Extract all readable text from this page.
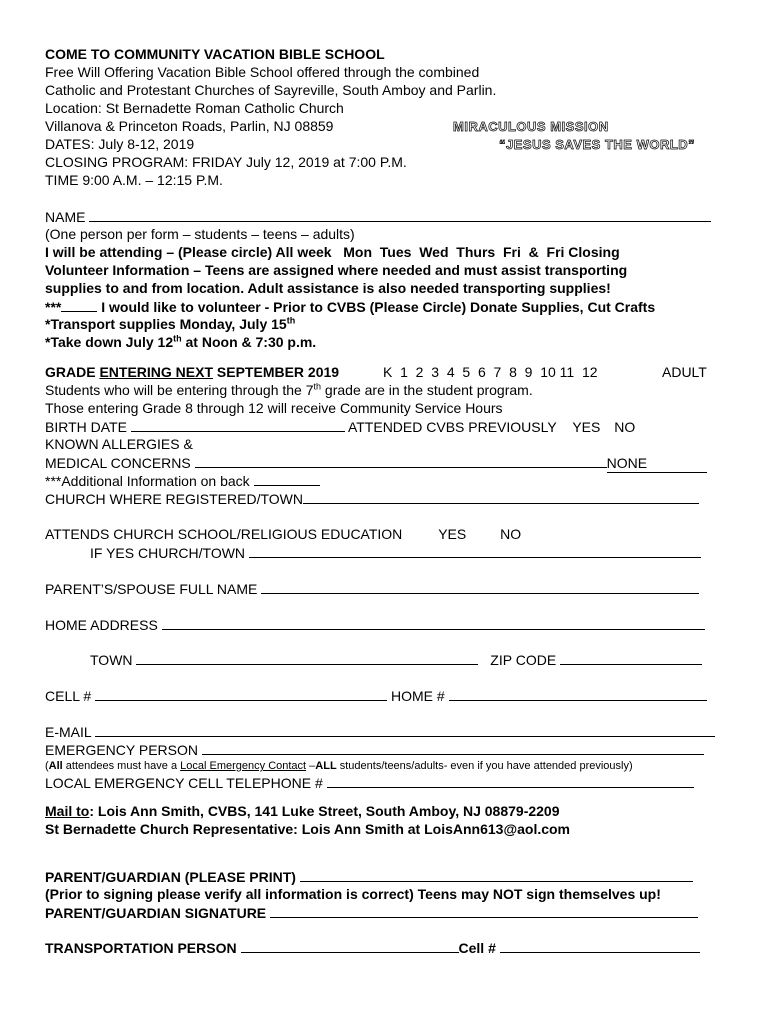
COME TO COMMUNITY VACATION BIBLE SCHOOL
Free Will Offering Vacation Bible School offered through the combined
Catholic and Protestant Churches of Sayreville, South Amboy and Parlin.
Location: St Bernadette Roman Catholic Church
Villanova & Princeton Roads, Parlin, NJ 08859	MIRACULOUS MISSION
DATES: July 8-12, 2019	“JESUS SAVES THE WORLD”
CLOSING PROGRAM: FRIDAY July 12, 2019 at 7:00 P.M.
TIME 9:00 A.M. – 12:15 P.M.
NAME
(One person per form – students – teens – adults)
I will be attending – (Please circle) All week   Mon  Tues  Wed  Thurs  Fri  &  Fri Closing
Volunteer Information – Teens are assigned where needed and must assist transporting
supplies to and from location. Adult assistance is also needed transporting supplies!
***	I would like to volunteer - Prior to CVBS (Please Circle) Donate Supplies, Cut Crafts
*Transport supplies Monday, July 15th
*Take down July 12th at Noon & 7:30 p.m.
GRADE ENTERING NEXT SEPTEMBER 2019	K  1  2  3  4  5  6  7  8  9  10 11  12	ADULT
Students who will be entering through the 7th grade are in the student program.
Those entering Grade 8 through 12 will receive Community Service Hours
BIRTH DATE	ATTENDED CVBS PREVIOUSLY YES NO
KNOWN ALLERGIES &
MEDICAL CONCERNS	NONE
***Additional Information on back
CHURCH WHERE REGISTERED/TOWN
ATTENDS CHURCH SCHOOL/RELIGIOUS EDUCATION	YES NO
IF YES CHURCH/TOWN
PARENT’S/SPOUSE FULL NAME
HOME ADDRESS
TOWN	ZIP CODE
CELL #	HOME #
E-MAIL
EMERGENCY PERSON
(All attendees must have a Local Emergency Contact –ALL students/teens/adults- even if you have attended previously)
LOCAL EMERGENCY CELL TELEPHONE #
Mail to: Lois Ann Smith, CVBS, 141 Luke Street, South Amboy, NJ 08879-2209
St Bernadette Church Representative: Lois Ann Smith at LoisAnn613@aol.com
PARENT/GUARDIAN (PLEASE PRINT)
(Prior to signing please verify all information is correct) Teens may NOT sign themselves up!
PARENT/GUARDIAN SIGNATURE
TRANSPORTATION PERSON	Cell #
